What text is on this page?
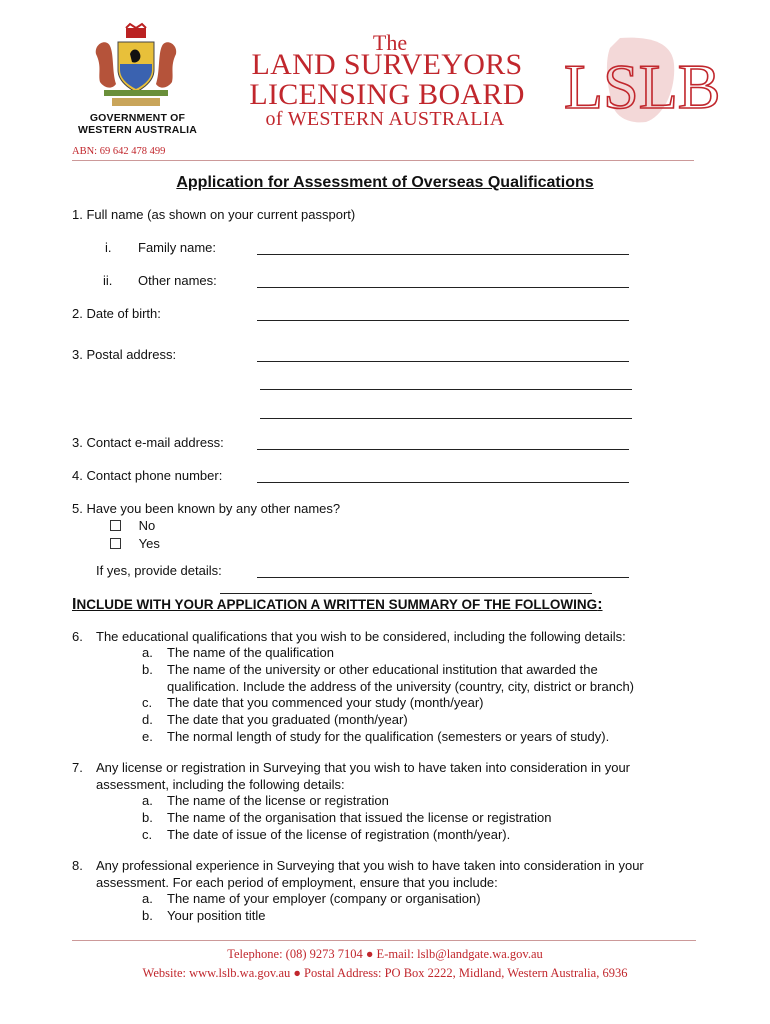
GOVERNMENT OF
WESTERN AUSTRALIA
The
LAND SURVEYORS
LICENSING BOARD
of WESTERN AUSTRALIA LSLB
ABN: 69 642 478 499
Application for Assessment of Overseas Qualifications
1. Full name (as shown on your current passport)
i. Family name:
ii. Other names:
2. Date of birth:
3. Postal address:
3. Contact e-mail address:
4. Contact phone number:
5. Have you been known by any other names?
No
Yes
If yes, provide details:
INCLUDE WITH YOUR APPLICATION A WRITTEN SUMMARY OF THE FOLLOWING:
6. The educational qualifications that you wish to be considered, including the following details:
a. The name of the qualification
b. The name of the university or other educational institution that awarded the
qualification. Include the address of the university (country, city, district or branch)
c. The date that you commenced your study (month/year)
d. The date that you graduated (month/year)
e. The normal length of study for the qualification (semesters or years of study).
7. Any license or registration in Surveying that you wish to have taken into consideration in your
assessment, including the following details:
a. The name of the license or registration
b. The name of the organisation that issued the license or registration
c. The date of issue of the license of registration (month/year).
8. Any professional experience in Surveying that you wish to have taken into consideration in your
assessment. For each period of employment, ensure that you include:
a. The name of your employer (company or organisation)
b. Your position title
Telephone: (08) 9273 7104 ● E-mail: lslb@landgate.wa.gov.au
Website: www.lslb.wa.gov.au ● Postal Address: PO Box 2222, Midland, Western Australia, 6936
